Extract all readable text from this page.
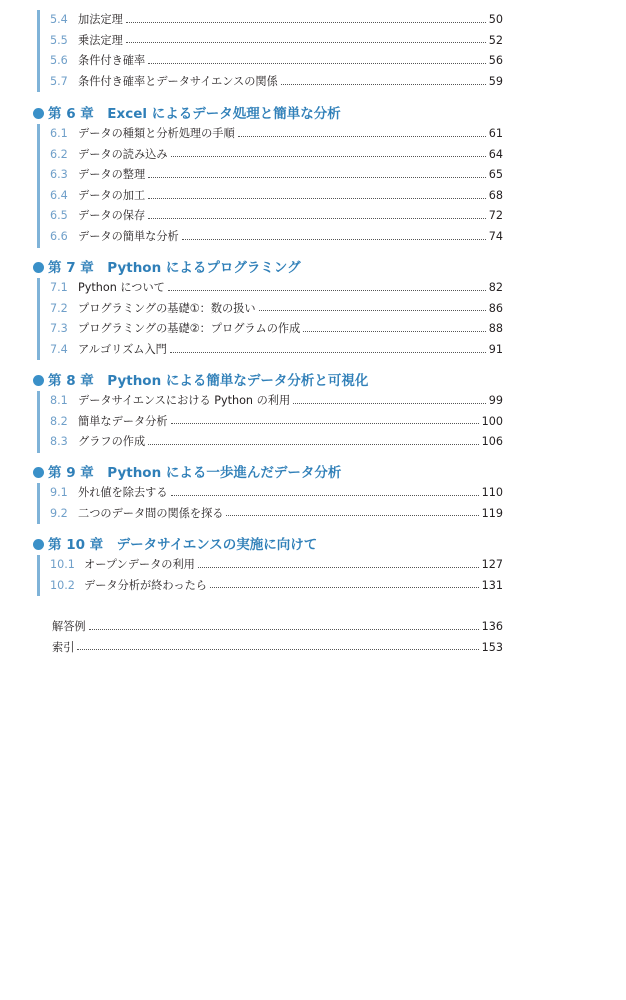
5.4 加法定理	50
5.5 乗法定理	52
5.6 条件付き確率	56
5.7 条件付き確率とデータサイエンスの関係	59
第 6 章　Excel によるデータ処理と簡単な分析
6.1 データの種類と分析処理の手順	61
6.2 データの読み込み	64
6.3 データの整理	65
6.4 データの加工	68
6.5 データの保存	72
6.6 データの簡単な分析	74
第 7 章　Python によるプログラミング
7.1 Python について	82
7.2 プログラミングの基礎①：数の扱い	86
7.3 プログラミングの基礎②：プログラムの作成	88
7.4 アルゴリズム入門	91
第 8 章　Python による簡単なデータ分析と可視化
8.1 データサイエンスにおける Python の利用	99
8.2 簡単なデータ分析	100
8.3 グラフの作成	106
第 9 章　Python による一歩進んだデータ分析
9.1 外れ値を除去する	110
9.2 二つのデータ間の関係を探る	119
第 10 章　データサイエンスの実施に向けて
10.1 オープンデータの利用	127
10.2 データ分析が終わったら	131
解答例	136
索引	153
